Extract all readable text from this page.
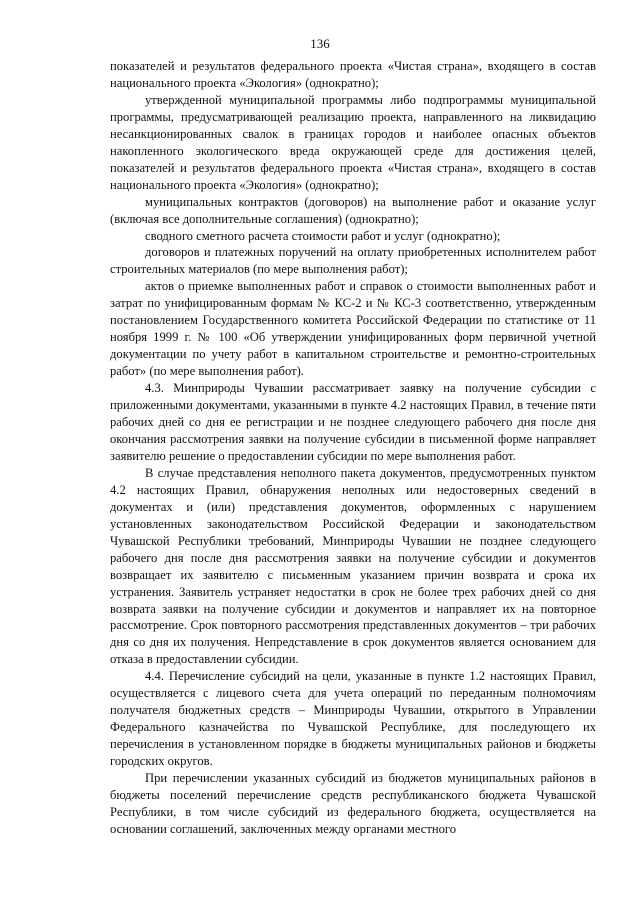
136

показателей и результатов федерального проекта «Чистая страна», входящего в состав национального проекта «Экология» (однократно);

утвержденной муниципальной программы либо подпрограммы муниципальной программы, предусматривающей реализацию проекта, направленного на ликвидацию несанкционированных свалок в границах городов и наиболее опасных объектов накопленного экологического вреда окружающей среде для достижения целей, показателей и результатов федерального проекта «Чистая страна», входящего в состав национального проекта «Экология» (однократно);

муниципальных контрактов (договоров) на выполнение работ и оказание услуг (включая все дополнительные соглашения) (однократно);

сводного сметного расчета стоимости работ и услуг (однократно);

договоров и платежных поручений на оплату приобретенных исполнителем работ строительных материалов (по мере выполнения работ);

актов о приемке выполненных работ и справок о стоимости выполненных работ и затрат по унифицированным формам № КС-2 и № КС-3 соответственно, утвержденным постановлением Государственного комитета Российской Федерации по статистике от 11 ноября 1999 г. № 100 «Об утверждении унифицированных форм первичной учетной документации по учету работ в капитальном строительстве и ремонтно-строительных работ» (по мере выполнения работ).

4.3. Минприроды Чувашии рассматривает заявку на получение субсидии с приложенными документами, указанными в пункте 4.2 настоящих Правил, в течение пяти рабочих дней со дня ее регистрации и не позднее следующего рабочего дня после дня окончания рассмотрения заявки на получение субсидии в письменной форме направляет заявителю решение о предоставлении субсидии по мере выполнения работ.

В случае представления неполного пакета документов, предусмотренных пунктом 4.2 настоящих Правил, обнаружения неполных или недостоверных сведений в документах и (или) представления документов, оформленных с нарушением установленных законодательством Российской Федерации и законодательством Чувашской Республики требований, Минприроды Чувашии не позднее следующего рабочего дня после дня рассмотрения заявки на получение субсидии и документов возвращает их заявителю с письменным указанием причин возврата и срока их устранения. Заявитель устраняет недостатки в срок не более трех рабочих дней со дня возврата заявки на получение субсидии и документов и направляет их на повторное рассмотрение. Срок повторного рассмотрения представленных документов – три рабочих дня со дня их получения. Непредставление в срок документов является основанием для отказа в предоставлении субсидии.

4.4. Перечисление субсидий на цели, указанные в пункте 1.2 настоящих Правил, осуществляется с лицевого счета для учета операций по переданным полномочиям получателя бюджетных средств – Минприроды Чувашии, открытого в Управлении Федерального казначейства по Чувашской Республике, для последующего их перечисления в установленном порядке в бюджеты муниципальных районов и бюджеты городских округов.

При перечислении указанных субсидий из бюджетов муниципальных районов в бюджеты поселений перечисление средств республиканского бюджета Чувашской Республики, в том числе субсидий из федерального бюджета, осуществляется на основании соглашений, заключенных между органами местного
